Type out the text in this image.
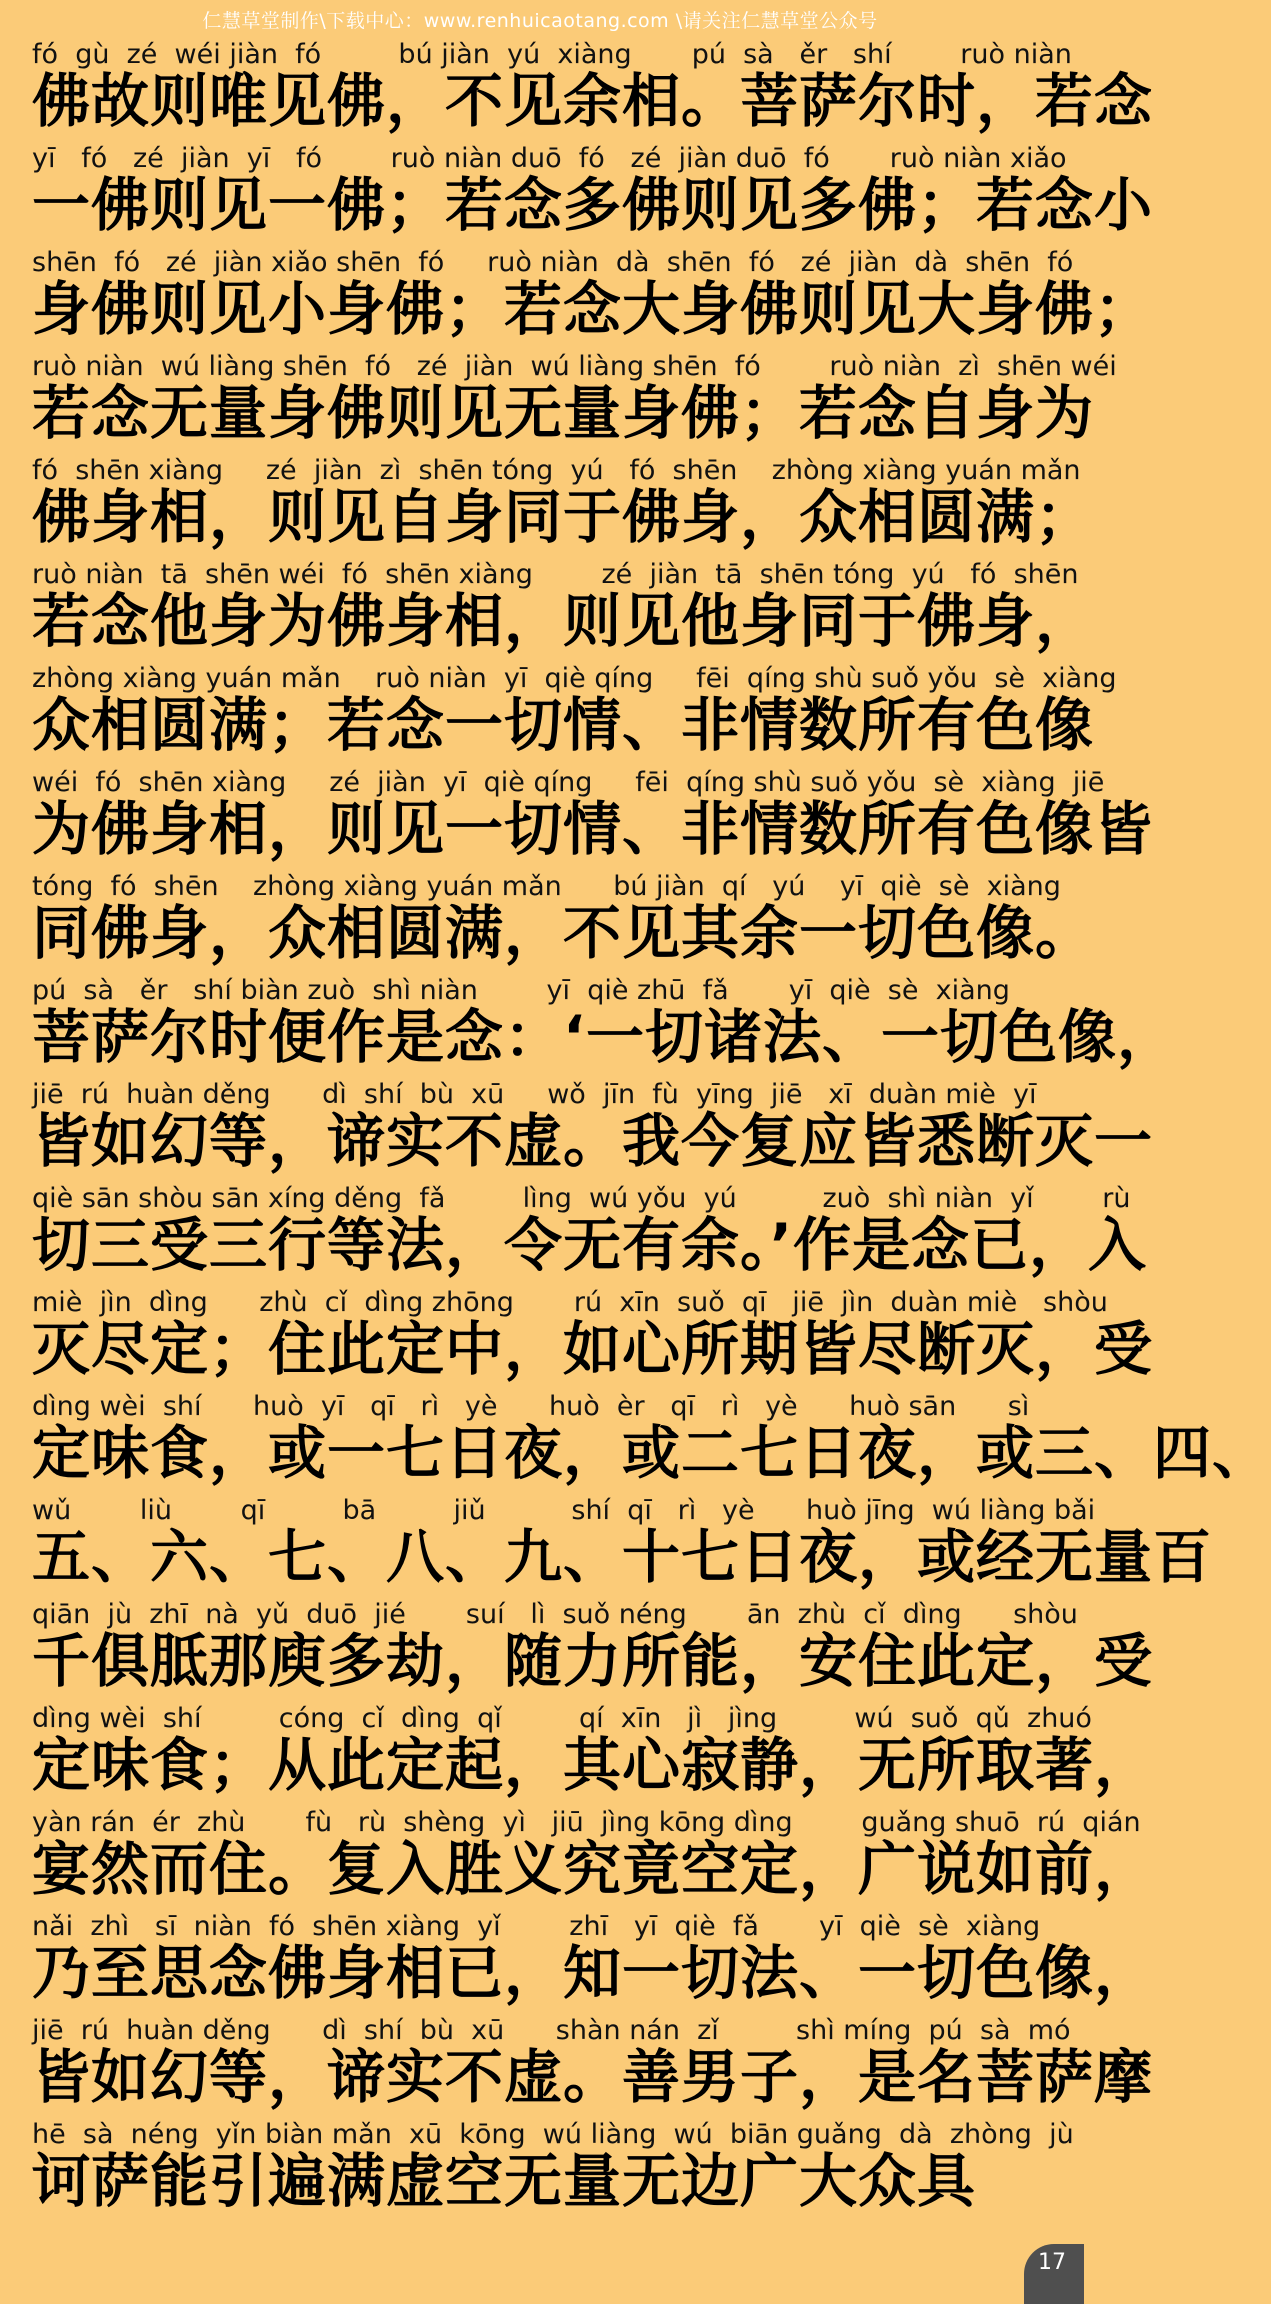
仁慧草堂制作\下载中心：www.renhuicaotang.com \请关注仁慧草堂公众号
fó  gù  zé  wéi jiàn  fó         bú jiàn  yú  xiàng       pú  sà   ěr   shí        ruò niàn
佛故则唯见佛，不见余相。菩萨尔时，若念
yī   fó   zé  jiàn  yī   fó        ruò niàn duō  fó   zé  jiàn duō  fó       ruò niàn xiǎo
一佛则见一佛；若念多佛则见多佛；若念小
shēn  fó   zé  jiàn xiǎo shēn  fó     ruò niàn  dà  shēn  fó   zé  jiàn  dà  shēn  fó
身佛则见小身佛；若念大身佛则见大身佛；
ruò niàn  wú liàng shēn  fó   zé  jiàn  wú liàng shēn  fó        ruò niàn  zì  shēn wéi
若念无量身佛则见无量身佛；若念自身为
fó  shēn xiàng     zé  jiàn  zì  shēn tóng  yú   fó  shēn    zhòng xiàng yuán mǎn
佛身相，则见自身同于佛身，众相圆满；
ruò niàn  tā  shēn wéi  fó  shēn xiàng        zé  jiàn  tā  shēn tóng  yú   fó  shēn
若念他身为佛身相，则见他身同于佛身，
zhòng xiàng yuán mǎn    ruò niàn  yī  qiè qíng     fēi  qíng shù suǒ yǒu  sè  xiàng
众相圆满；若念一切情、非情数所有色像
wéi  fó  shēn xiàng     zé  jiàn  yī  qiè qíng     fēi  qíng shù suǒ yǒu  sè  xiàng  jiē
为佛身相，则见一切情、非情数所有色像皆
tóng  fó  shēn    zhòng xiàng yuán mǎn      bú jiàn  qí   yú    yī  qiè  sè  xiàng
同佛身，众相圆满，不见其余一切色像。
pú  sà   ěr   shí biàn zuò  shì niàn        yī  qiè zhū  fǎ       yī  qiè  sè  xiàng
菩萨尔时便作是念：‘一切诸法、一切色像，
jiē  rú  huàn děng      dì  shí  bù  xū     wǒ  jīn  fù  yīng  jiē   xī  duàn miè  yī
皆如幻等，谛实不虚。我今复应皆悉断灭一
qiè sān shòu sān xíng děng  fǎ         lìng  wú yǒu  yú          zuò  shì niàn  yǐ        rù
切三受三行等法，令无有余。’作是念已，入
miè  jìn  dìng      zhù  cǐ  dìng zhōng       rú  xīn  suǒ  qī   jiē  jìn  duàn miè   shòu
灭尽定；住此定中，如心所期皆尽断灭，受
dìng wèi  shí      huò  yī   qī   rì   yè      huò  èr   qī   rì   yè      huò sān      sì
定味食，或一七日夜，或二七日夜，或三、四、
wǔ        liù        qī         bā         jiǔ          shí  qī   rì   yè      huò jīng  wú liàng bǎi
五、六、七、八、九、十七日夜，或经无量百
qiān  jù  zhī  nà  yǔ  duō  jié       suí   lì  suǒ néng       ān  zhù  cǐ  dìng      shòu
千俱胝那庾多劫，随力所能，安住此定，受
dìng wèi  shí         cóng  cǐ  dìng  qǐ         qí  xīn   jì   jìng         wú  suǒ  qǔ  zhuó
定味食；从此定起，其心寂静，无所取著，
yàn rán  ér  zhù       fù   rù  shèng  yì   jiū  jìng kōng dìng        guǎng shuō  rú  qián
宴然而住。复入胜义究竟空定，广说如前，
nǎi  zhì   sī  niàn  fó  shēn xiàng  yǐ        zhī   yī  qiè  fǎ       yī  qiè  sè  xiàng
乃至思念佛身相已，知一切法、一切色像，
jiē  rú  huàn děng      dì  shí  bù  xū      shàn nán  zǐ         shì míng  pú  sà  mó
皆如幻等，谛实不虚。善男子，是名菩萨摩
hē  sà  néng  yǐn biàn mǎn  xū  kōng  wú liàng  wú  biān guǎng  dà  zhòng  jù
诃萨能引遍满虚空无量无边广大众具
17
